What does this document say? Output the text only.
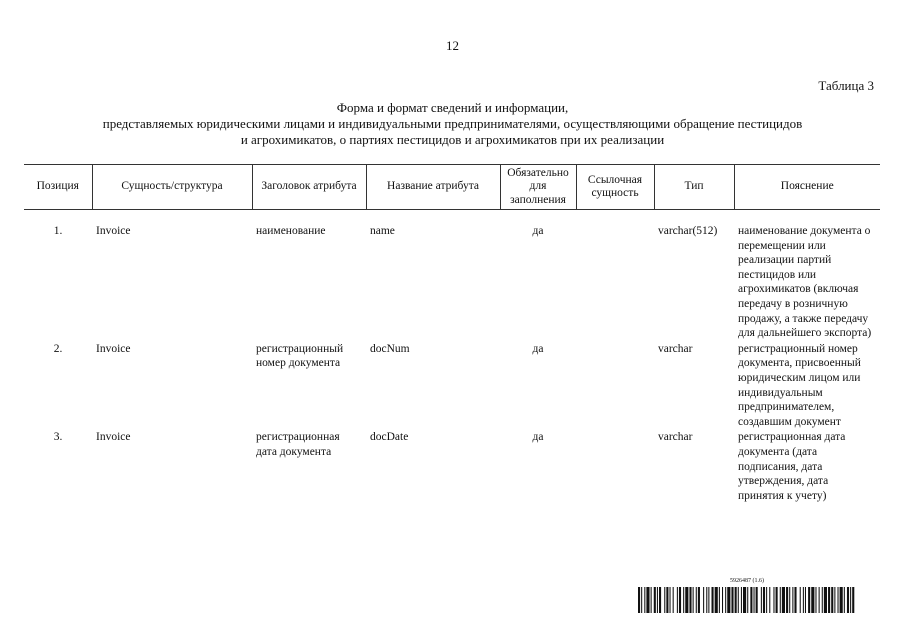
12
Таблица 3
Форма и формат сведений и информации,
представляемых юридическими лицами и индивидуальными предпринимателями, осуществляющими обращение пестицидов
и агрохимикатов, о партиях пестицидов и агрохимикатов при их реализации
Позиция	Сущность/структура	Заголовок атрибута	Название атрибута	Обязательно для заполнения	Ссылочная сущность	Тип	Пояснение

1.	Invoice	наименование	name	да		varchar(512)	наименование документа о перемещении или реализации партий пестицидов или агрохимикатов (включая передачу в розничную продажу, а также передачу для дальнейшего экспорта)
2.	Invoice	регистрационный номер документа	docNum	да		varchar	регистрационный номер документа, присвоенный юридическим лицом или индивидуальным предпринимателем, создавшим документ
3.	Invoice	регистрационная дата документа	docDate	да		varchar	регистрационная дата документа (дата подписания, дата утверждения, дата принятия к учету)
5926487 (1.6)
